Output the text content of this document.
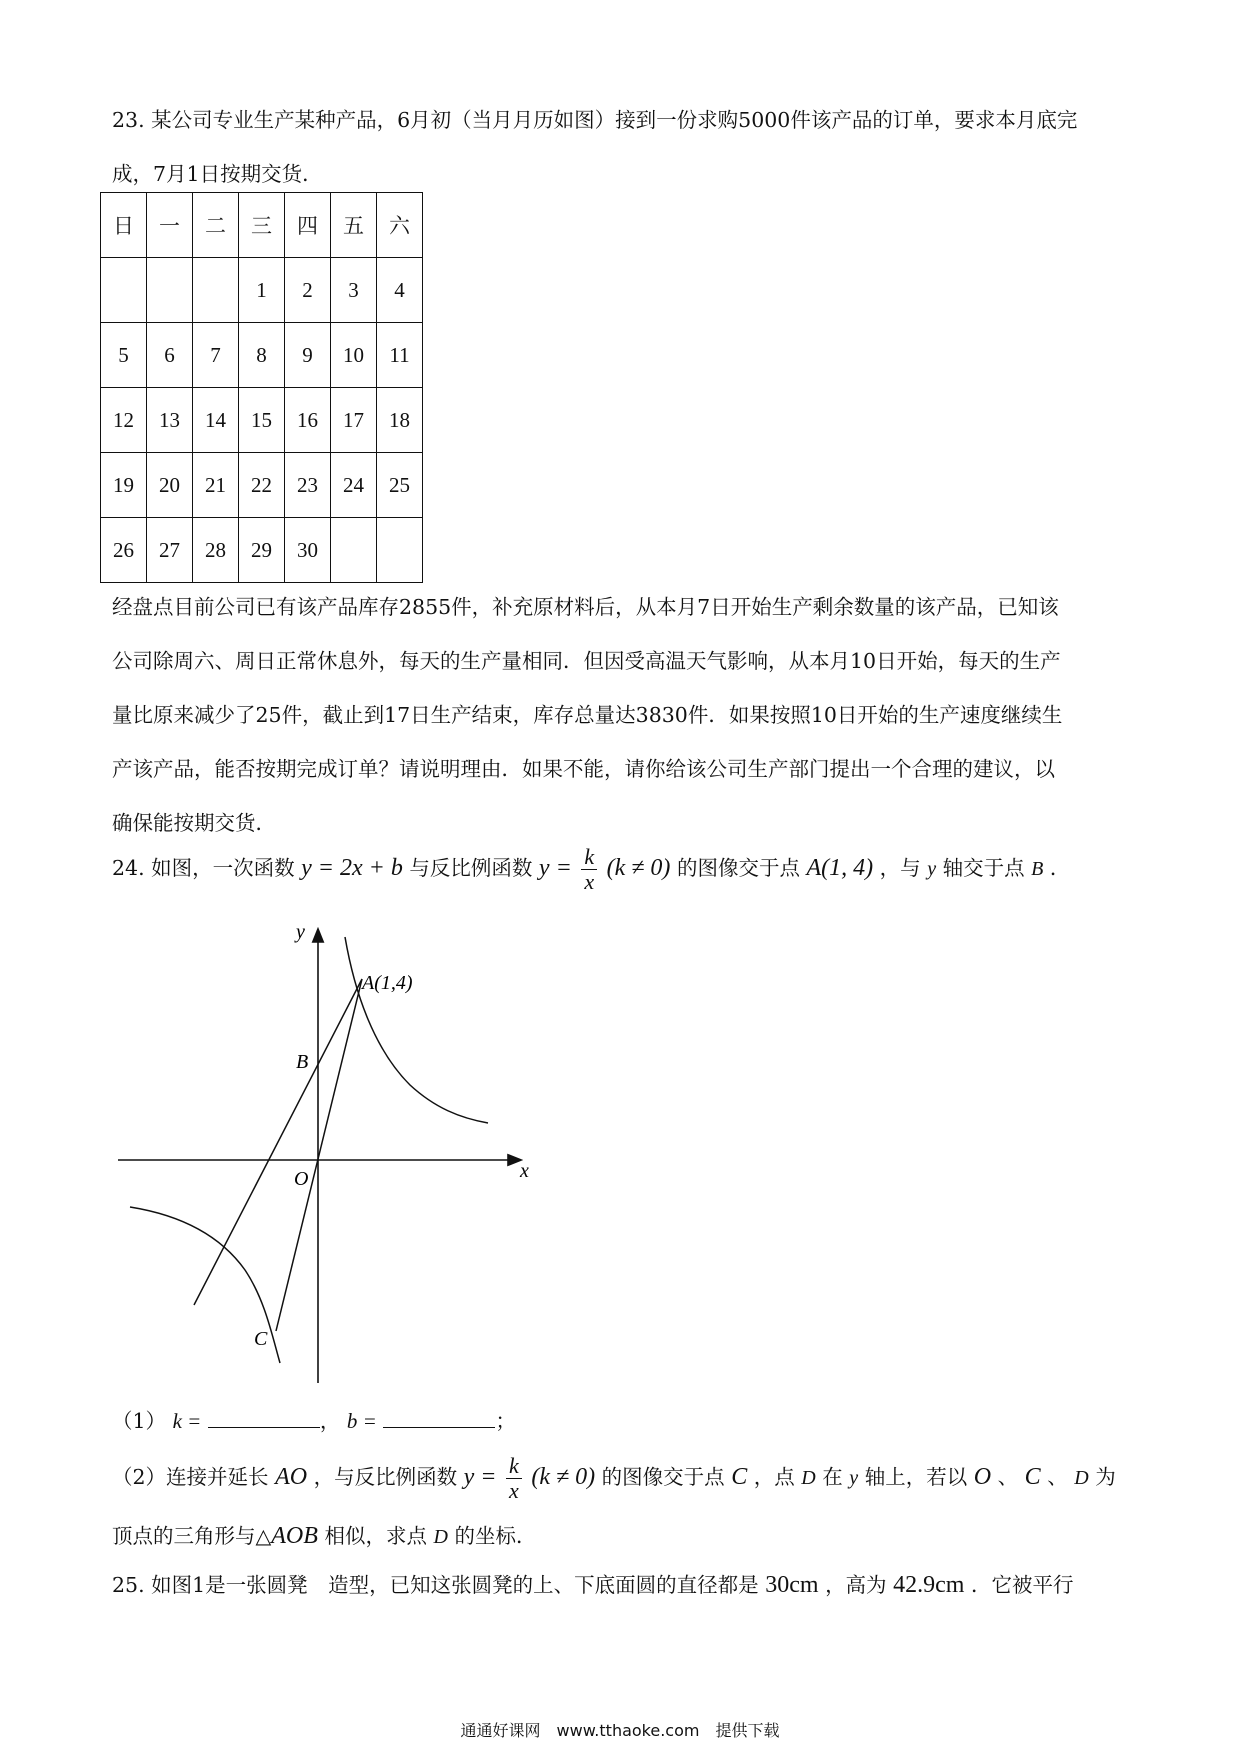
23. 某公司专业生产某种产品，6月初（当月月历如图）接到一份求购5000件该产品的订单，要求本月底完
成，7月1日按期交货．
日	一	二	三	四	五	六
			1	2	3	4
5	6	7	8	9	10	11
12	13	14	15	16	17	18
19	20	21	22	23	24	25
26	27	28	29	30		
经盘点目前公司已有该产品库存2855件，补充原材料后，从本月7日开始生产剩余数量的该产品，已知该
公司除周六、周日正常休息外，每天的生产量相同．但因受高温天气影响，从本月10日开始，每天的生产
量比原来减少了25件，截止到17日生产结束，库存总量达3830件．如果按照10日开始的生产速度继续生
产该产品，能否按期完成订单？请说明理由．如果不能，请你给该公司生产部门提出一个合理的建议，以
确保能按期交货．
24. 如图，一次函数 y = 2x + b 与反比例函数 $y = \frac{k}{x} (k \ne 0)$ 的图像交于点 A(1, 4) ，与 y 轴交于点 B ．
y
x
O
A(1,4)
B
C
（1） k =	， b =	；
（2）连接并延长 AO ，与反比例函数 $y = \frac{k}{x} (k \ne 0)$ 的图像交于点 C ，点 D 在 y 轴上，若以 O 、 C 、 D 为
顶点的三角形与△AOB 相似，求点 D 的坐标．
25. 如图1是一张圆凳　造型，已知这张圆凳的上、下底面圆的直径都是 30cm ，高为 42.9cm ．它被平行
通通好课网　www.tthaoke.com　提供下载
